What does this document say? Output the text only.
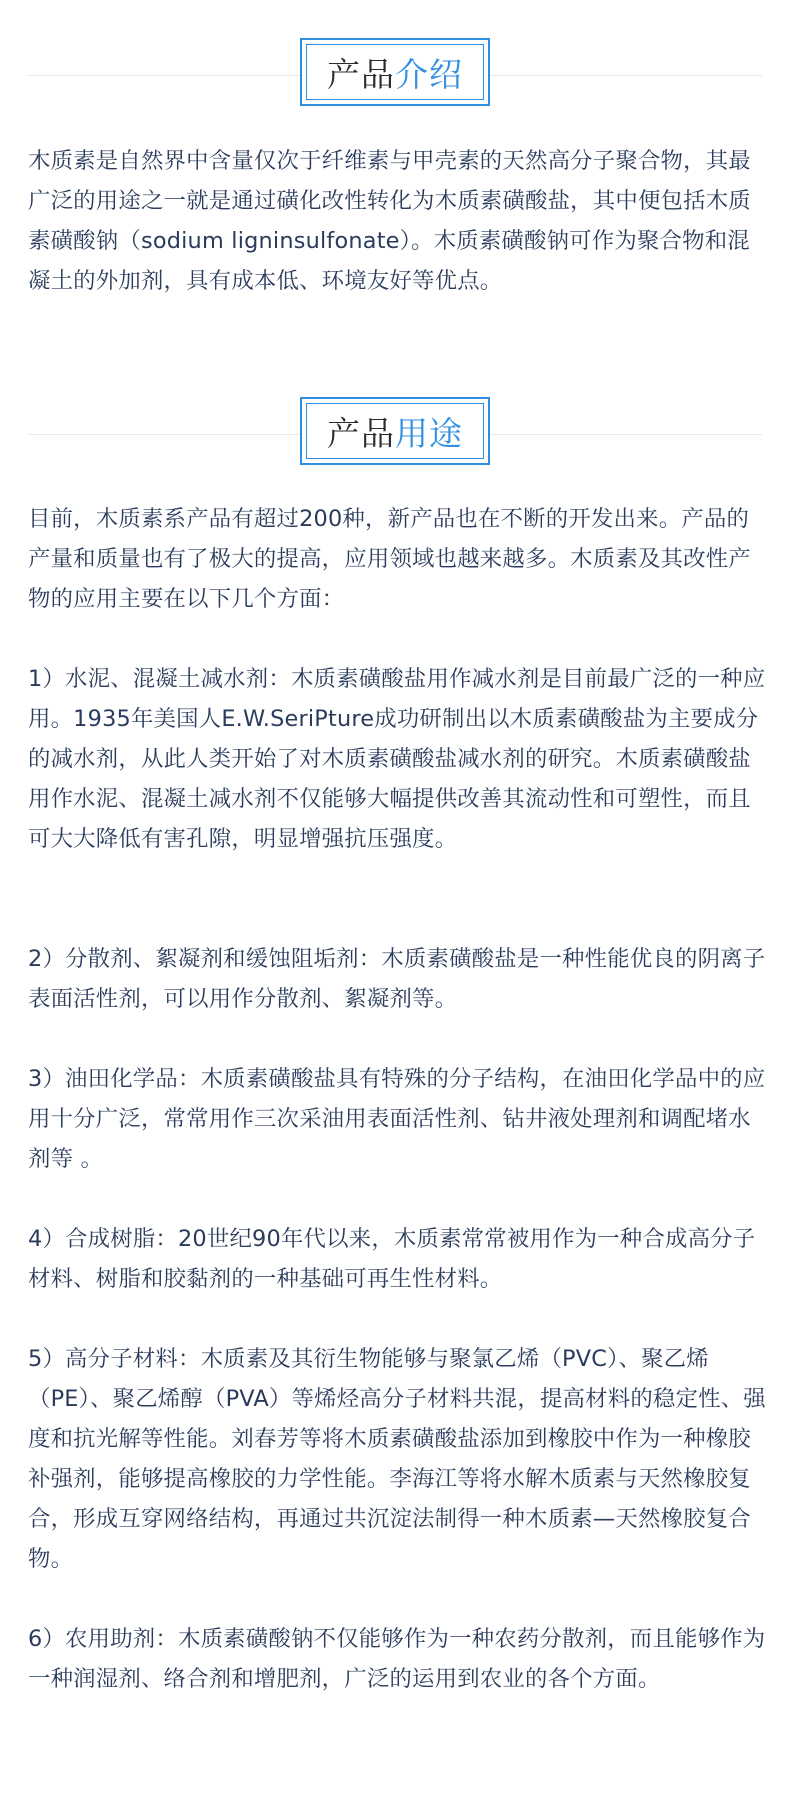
产品 介绍

木质素是自然界中含量仅次于纤维素与甲壳素的天然高分子聚合物，其最广泛的用途之一就是通过磺化改性转化为木质素磺酸盐，其中便包括木质素磺酸钠（sodium ligninsulfonate）。木质素磺酸钠可作为聚合物和混凝土的外加剂，具有成本低、环境友好等优点。

产品 用途

目前，木质素系产品有超过200种，新产品也在不断的开发出来。产品的产量和质量也有了极大的提高，应用领域也越来越多。木质素及其改性产物的应用主要在以下几个方面：

1）水泥、混凝土减水剂：木质素磺酸盐用作减水剂是目前最广泛的一种应用。1935年美国人E.W.SeriPture成功研制出以木质素磺酸盐为主要成分的减水剂，从此人类开始了对木质素磺酸盐减水剂的研究。木质素磺酸盐用作水泥、混凝土减水剂不仅能够大幅提供改善其流动性和可塑性，而且可大大降低有害孔隙，明显增强抗压强度。

2）分散剂、絮凝剂和缓蚀阻垢剂：木质素磺酸盐是一种性能优良的阴离子表面活性剂，可以用作分散剂、絮凝剂等。

3）油田化学品：木质素磺酸盐具有特殊的分子结构，在油田化学品中的应用十分广泛，常常用作三次采油用表面活性剂、钻井液处理剂和调配堵水剂等 。

4）合成树脂：20世纪90年代以来，木质素常常被用作为一种合成高分子材料、树脂和胶黏剂的一种基础可再生性材料。

5）高分子材料：木质素及其衍生物能够与聚氯乙烯（PVC）、聚乙烯（PE）、聚乙烯醇（PVA）等烯烃高分子材料共混，提高材料的稳定性、强度和抗光解等性能。刘春芳等将木质素磺酸盐添加到橡胶中作为一种橡胶补强剂，能够提高橡胶的力学性能。李海江等将水解木质素与天然橡胶复合，形成互穿网络结构，再通过共沉淀法制得一种木质素—天然橡胶复合物。

6）农用助剂：木质素磺酸钠不仅能够作为一种农药分散剂，而且能够作为一种润湿剂、络合剂和增肥剂，广泛的运用到农业的各个方面。
